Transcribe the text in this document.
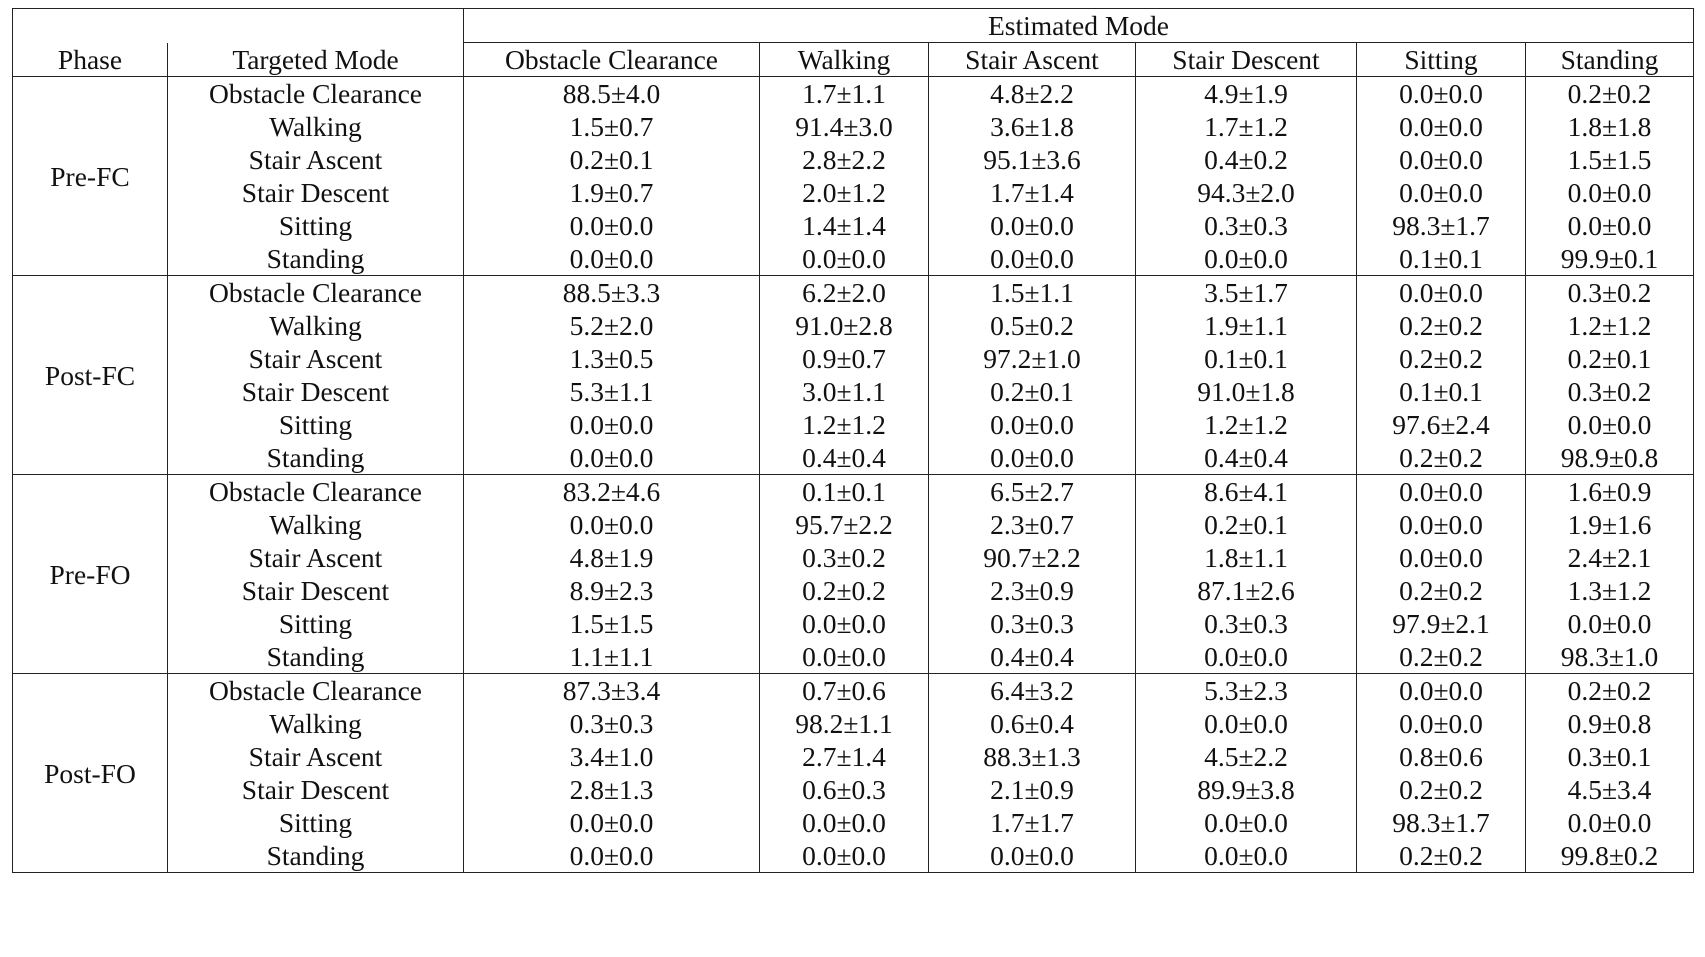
		Estimated Mode					
Phase	Targeted Mode	Obstacle Clearance	Walking	Stair Ascent	Stair Descent	Sitting	Standing
Pre-FC	Obstacle Clearance	88.5±4.0	1.7±1.1	4.8±2.2	4.9±1.9	0.0±0.0	0.2±0.2
	Walking	1.5±0.7	91.4±3.0	3.6±1.8	1.7±1.2	0.0±0.0	1.8±1.8
	Stair Ascent	0.2±0.1	2.8±2.2	95.1±3.6	0.4±0.2	0.0±0.0	1.5±1.5
	Stair Descent	1.9±0.7	2.0±1.2	1.7±1.4	94.3±2.0	0.0±0.0	0.0±0.0
	Sitting	0.0±0.0	1.4±1.4	0.0±0.0	0.3±0.3	98.3±1.7	0.0±0.0
	Standing	0.0±0.0	0.0±0.0	0.0±0.0	0.0±0.0	0.1±0.1	99.9±0.1
Post-FC	Obstacle Clearance	88.5±3.3	6.2±2.0	1.5±1.1	3.5±1.7	0.0±0.0	0.3±0.2
	Walking	5.2±2.0	91.0±2.8	0.5±0.2	1.9±1.1	0.2±0.2	1.2±1.2
	Stair Ascent	1.3±0.5	0.9±0.7	97.2±1.0	0.1±0.1	0.2±0.2	0.2±0.1
	Stair Descent	5.3±1.1	3.0±1.1	0.2±0.1	91.0±1.8	0.1±0.1	0.3±0.2
	Sitting	0.0±0.0	1.2±1.2	0.0±0.0	1.2±1.2	97.6±2.4	0.0±0.0
	Standing	0.0±0.0	0.4±0.4	0.0±0.0	0.4±0.4	0.2±0.2	98.9±0.8
Pre-FO	Obstacle Clearance	83.2±4.6	0.1±0.1	6.5±2.7	8.6±4.1	0.0±0.0	1.6±0.9
	Walking	0.0±0.0	95.7±2.2	2.3±0.7	0.2±0.1	0.0±0.0	1.9±1.6
	Stair Ascent	4.8±1.9	0.3±0.2	90.7±2.2	1.8±1.1	0.0±0.0	2.4±2.1
	Stair Descent	8.9±2.3	0.2±0.2	2.3±0.9	87.1±2.6	0.2±0.2	1.3±1.2
	Sitting	1.5±1.5	0.0±0.0	0.3±0.3	0.3±0.3	97.9±2.1	0.0±0.0
	Standing	1.1±1.1	0.0±0.0	0.4±0.4	0.0±0.0	0.2±0.2	98.3±1.0
Post-FO	Obstacle Clearance	87.3±3.4	0.7±0.6	6.4±3.2	5.3±2.3	0.0±0.0	0.2±0.2
	Walking	0.3±0.3	98.2±1.1	0.6±0.4	0.0±0.0	0.0±0.0	0.9±0.8
	Stair Ascent	3.4±1.0	2.7±1.4	88.3±1.3	4.5±2.2	0.8±0.6	0.3±0.1
	Stair Descent	2.8±1.3	0.6±0.3	2.1±0.9	89.9±3.8	0.2±0.2	4.5±3.4
	Sitting	0.0±0.0	0.0±0.0	1.7±1.7	0.0±0.0	98.3±1.7	0.0±0.0
	Standing	0.0±0.0	0.0±0.0	0.0±0.0	0.0±0.0	0.2±0.2	99.8±0.2
